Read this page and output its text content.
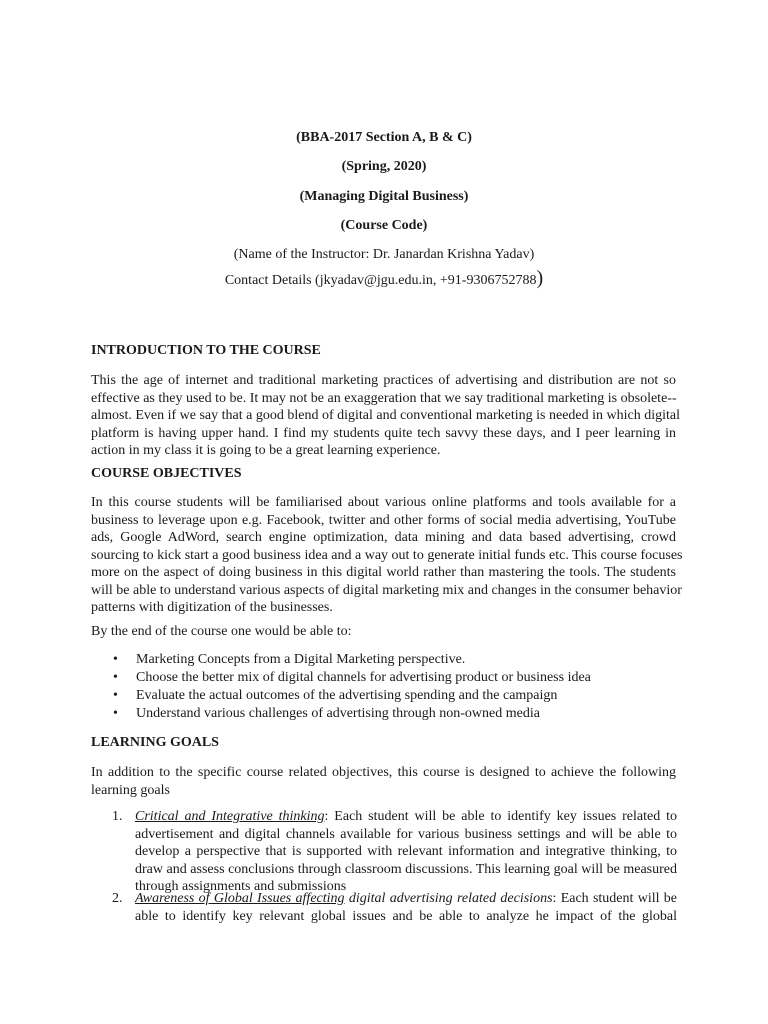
(BBA-2017 Section A, B & C)
(Spring, 2020)
(Managing Digital Business)
(Course Code)
(Name of the Instructor: Dr. Janardan Krishna Yadav)
Contact Details (jkyadav@jgu.edu.in, +91-9306752788)
INTRODUCTION TO THE COURSE
This the age of internet and traditional marketing practices of advertising and distribution are not so
effective as they used to be. It may not be an exaggeration that we say traditional marketing is obsolete--
almost. Even if we say that a good blend of digital and conventional marketing is needed in which digital
platform is having upper hand. I find my students quite tech savvy these days, and I peer learning in
action in my class it is going to be a great learning experience.
COURSE OBJECTIVES
In this course students will be familiarised about various online platforms and tools available for a
business to leverage upon e.g. Facebook, twitter and other forms of social media advertising, YouTube
ads, Google AdWord, search engine optimization, data mining and data based advertising, crowd
sourcing to kick start a good business idea and a way out to generate initial funds etc. This course focuses
more on the aspect of doing business in this digital world rather than mastering the tools. The students
will be able to understand various aspects of digital marketing mix and changes in the consumer behavior
patterns with digitization of the businesses.
By the end of the course one would be able to:
• Marketing Concepts from a Digital Marketing perspective.
• Choose the better mix of digital channels for advertising product or business idea
• Evaluate the actual outcomes of the advertising spending and the campaign
• Understand various challenges of advertising through non-owned media
LEARNING GOALS
In addition to the specific course related objectives, this course is designed to achieve the following
learning goals
1. Critical and Integrative thinking: Each student will be able to identify key issues related to
advertisement and digital channels available for various business settings and will be able to
develop a perspective that is supported with relevant information and integrative thinking, to
draw and assess conclusions through classroom discussions. This learning goal will be measured
through assignments and submissions
2. Awareness of Global Issues affecting digital advertising related decisions: Each student will be
able to identify key relevant global issues and be able to analyze he impact of the global
